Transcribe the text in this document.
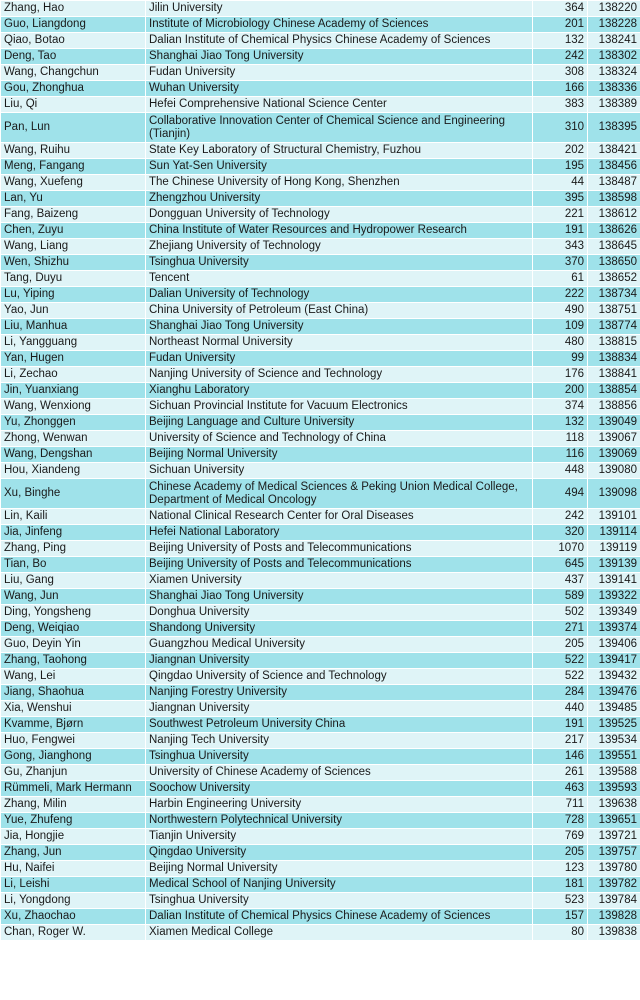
Zhang, Hao	Jilin University	364	138220
Guo, Liangdong	Institute of Microbiology Chinese Academy of Sciences	201	138228
Qiao, Botao	Dalian Institute of Chemical Physics Chinese Academy of Sciences	132	138241
Deng, Tao	Shanghai Jiao Tong University	242	138302
Wang, Changchun	Fudan University	308	138324
Gou, Zhonghua	Wuhan University	166	138336
Liu, Qi	Hefei Comprehensive National Science Center	383	138389
Pan, Lun	Collaborative Innovation Center of Chemical Science and Engineering (Tianjin)	310	138395
Wang, Ruihu	State Key Laboratory of Structural Chemistry, Fuzhou	202	138421
Meng, Fangang	Sun Yat-Sen University	195	138456
Wang, Xuefeng	The Chinese University of Hong Kong, Shenzhen	44	138487
Lan, Yu	Zhengzhou University	395	138598
Fang, Baizeng	Dongguan University of Technology	221	138612
Chen, Zuyu	China Institute of Water Resources and Hydropower Research	191	138626
Wang, Liang	Zhejiang University of Technology	343	138645
Wen, Shizhu	Tsinghua University	370	138650
Tang, Duyu	Tencent	61	138652
Lu, Yiping	Dalian University of Technology	222	138734
Yao, Jun	China University of Petroleum (East China)	490	138751
Liu, Manhua	Shanghai Jiao Tong University	109	138774
Li, Yangguang	Northeast Normal University	480	138815
Yan, Hugen	Fudan University	99	138834
Li, Zechao	Nanjing University of Science and Technology	176	138841
Jin, Yuanxiang	Xianghu Laboratory	200	138854
Wang, Wenxiong	Sichuan Provincial Institute for Vacuum Electronics	374	138856
Yu, Zhonggen	Beijing Language and Culture University	132	139049
Zhong, Wenwan	University of Science and Technology of China	118	139067
Wang, Dengshan	Beijing Normal University	116	139069
Hou, Xiandeng	Sichuan University	448	139080
Xu, Binghe	Chinese Academy of Medical Sciences & Peking Union Medical College, Department of Medical Oncology	494	139098
Lin, Kaili	National Clinical Research Center for Oral Diseases	242	139101
Jia, Jinfeng	Hefei National Laboratory	320	139114
Zhang, Ping	Beijing University of Posts and Telecommunications	1070	139119
Tian, Bo	Beijing University of Posts and Telecommunications	645	139139
Liu, Gang	Xiamen University	437	139141
Wang, Jun	Shanghai Jiao Tong University	589	139322
Ding, Yongsheng	Donghua University	502	139349
Deng, Weiqiao	Shandong University	271	139374
Guo, Deyin Yin	Guangzhou Medical University	205	139406
Zhang, Taohong	Jiangnan University	522	139417
Wang, Lei	Qingdao University of Science and Technology	522	139432
Jiang, Shaohua	Nanjing Forestry University	284	139476
Xia, Wenshui	Jiangnan University	440	139485
Kvamme, Bjørn	Southwest Petroleum University China	191	139525
Huo, Fengwei	Nanjing Tech University	217	139534
Gong, Jianghong	Tsinghua University	146	139551
Gu, Zhanjun	University of Chinese Academy of Sciences	261	139588
Rümmeli, Mark Hermann	Soochow University	463	139593
Zhang, Milin	Harbin Engineering University	711	139638
Yue, Zhufeng	Northwestern Polytechnical University	728	139651
Jia, Hongjie	Tianjin University	769	139721
Zhang, Jun	Qingdao University	205	139757
Hu, Naifei	Beijing Normal University	123	139780
Li, Leishi	Medical School of Nanjing University	181	139782
Li, Yongdong	Tsinghua University	523	139784
Xu, Zhaochao	Dalian Institute of Chemical Physics Chinese Academy of Sciences	157	139828
Chan, Roger W.	Xiamen Medical College	80	139838
